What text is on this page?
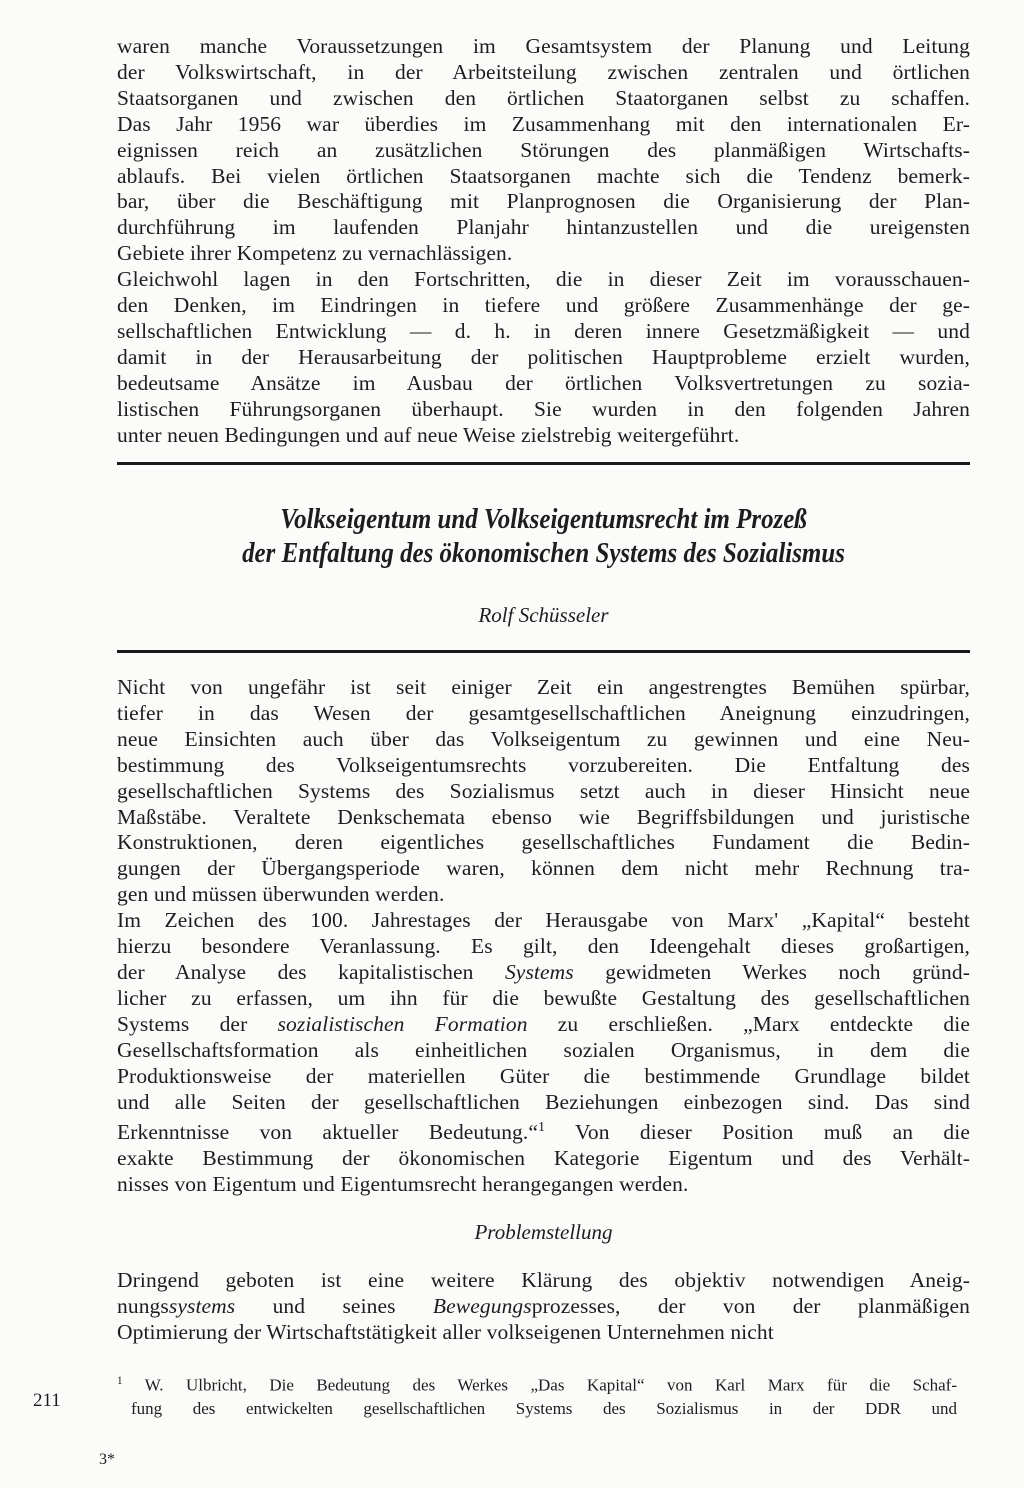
waren manche Voraussetzungen im Gesamtsystem der Planung und Leitung
der Volkswirtschaft, in der Arbeitsteilung zwischen zentralen und örtlichen
Staatsorganen und zwischen den örtlichen Staatorganen selbst zu schaffen.
Das Jahr 1956 war überdies im Zusammenhang mit den internationalen Er-
eignissen reich an zusätzlichen Störungen des planmäßigen Wirtschafts-
ablaufs. Bei vielen örtlichen Staatsorganen machte sich die Tendenz bemerk-
bar, über die Beschäftigung mit Planprognosen die Organisierung der Plan-
durchführung im laufenden Planjahr hintanzustellen und die ureigensten
Gebiete ihrer Kompetenz zu vernachlässigen.
Gleichwohl lagen in den Fortschritten, die in dieser Zeit im vorausschauen-
den Denken, im Eindringen in tiefere und größere Zusammenhänge der ge-
sellschaftlichen Entwicklung — d. h. in deren innere Gesetzmäßigkeit — und
damit in der Herausarbeitung der politischen Hauptprobleme erzielt wurden,
bedeutsame Ansätze im Ausbau der örtlichen Volksvertretungen zu sozia-
listischen Führungsorganen überhaupt. Sie wurden in den folgenden Jahren
unter neuen Bedingungen und auf neue Weise zielstrebig weitergeführt.
Volkseigentum und Volkseigentumsrecht im Prozeß
der Entfaltung des ökonomischen Systems des Sozialismus
Rolf Schüsseler
Nicht von ungefähr ist seit einiger Zeit ein angestrengtes Bemühen spürbar,
tiefer in das Wesen der gesamtgesellschaftlichen Aneignung einzudringen,
neue Einsichten auch über das Volkseigentum zu gewinnen und eine Neu-
bestimmung des Volkseigentumsrechts vorzubereiten. Die Entfaltung des
gesellschaftlichen Systems des Sozialismus setzt auch in dieser Hinsicht neue
Maßstäbe. Veraltete Denkschemata ebenso wie Begriffsbildungen und juristische
Konstruktionen, deren eigentliches gesellschaftliches Fundament die Bedin-
gungen der Übergangsperiode waren, können dem nicht mehr Rechnung tra-
gen und müssen überwunden werden.
Im Zeichen des 100. Jahrestages der Herausgabe von Marx' „Kapital“ besteht
hierzu besondere Veranlassung. Es gilt, den Ideengehalt dieses großartigen,
der Analyse des kapitalistischen Systems gewidmeten Werkes noch gründ-
licher zu erfassen, um ihn für die bewußte Gestaltung des gesellschaftlichen
Systems der sozialistischen Formation zu erschließen. „Marx entdeckte die
Gesellschaftsformation als einheitlichen sozialen Organismus, in dem die
Produktionsweise der materiellen Güter die bestimmende Grundlage bildet
und alle Seiten der gesellschaftlichen Beziehungen einbezogen sind. Das sind
Erkenntnisse von aktueller Bedeutung.“$^1$ Von dieser Position muß an die
exakte Bestimmung der ökonomischen Kategorie Eigentum und des Verhält-
nisses von Eigentum und Eigentumsrecht herangegangen werden.
Problemstellung
Dringend geboten ist eine weitere Klärung des objektiv notwendigen Aneig-
nungssystems und seines Bewegungsprozesses, der von der planmäßigen
Optimierung der Wirtschaftstätigkeit aller volkseigenen Unternehmen nicht
$^1$ W. Ulbricht, Die Bedeutung des Werkes „Das Kapital“ von Karl Marx für die Schaf-
fung des entwickelten gesellschaftlichen Systems des Sozialismus in der DDR und
211
3*
